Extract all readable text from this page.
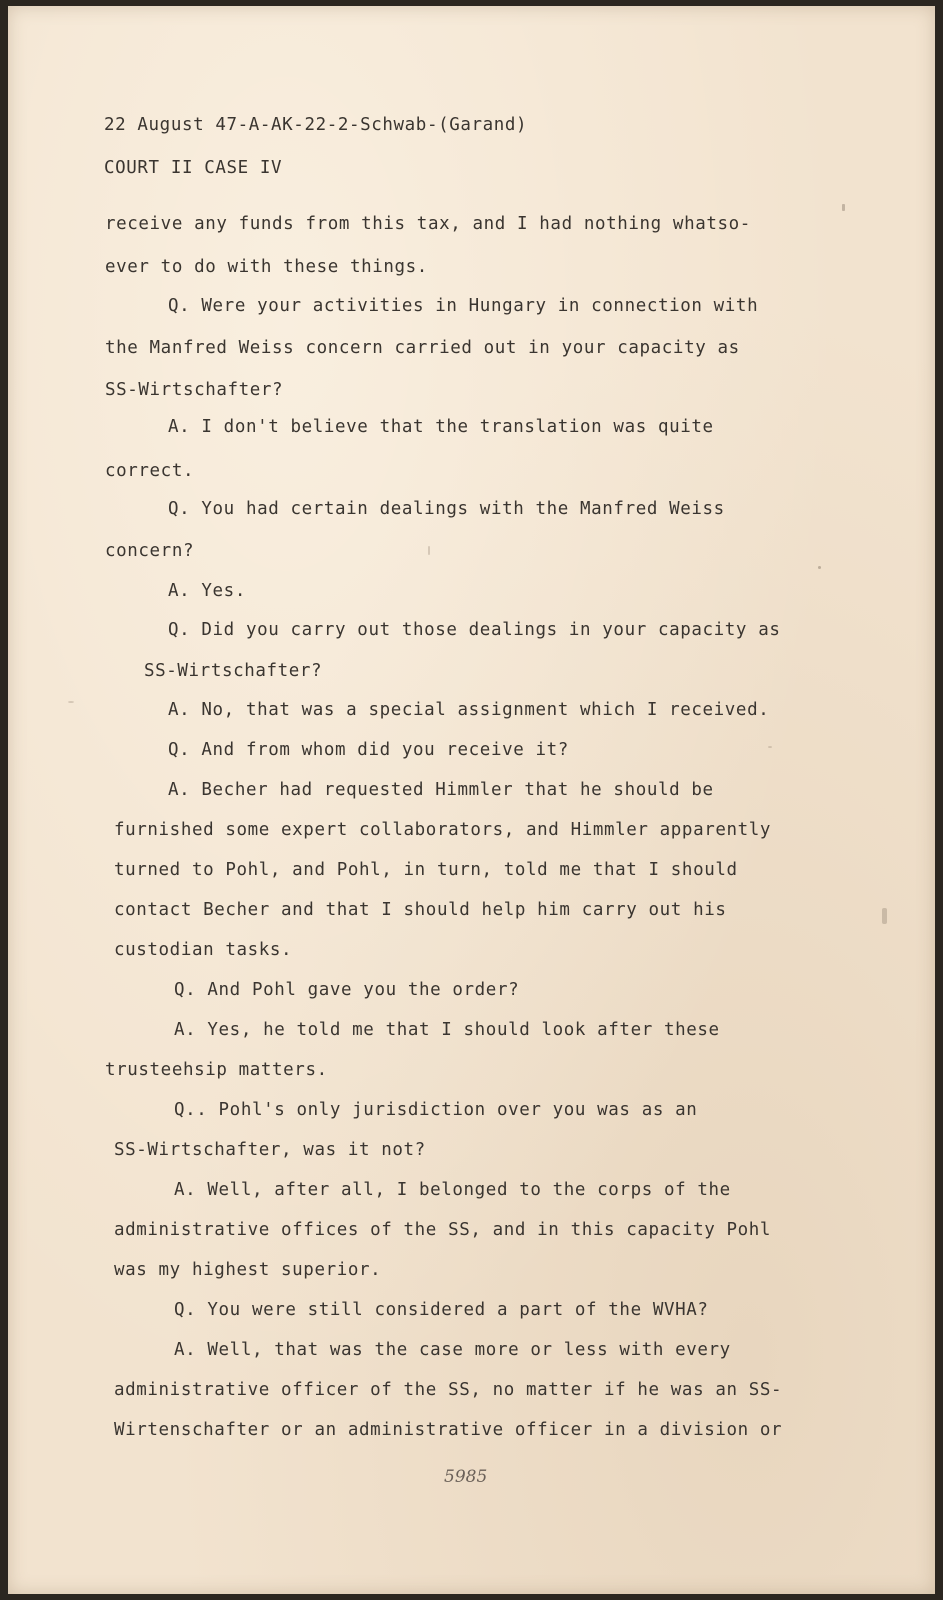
22 August 47-A-AK-22-2-Schwab-(Garand)
COURT II CASE IV
receive any funds from this tax, and I had nothing whatso-
ever to do with these things.
Q. Were your activities in Hungary in connection with
the Manfred Weiss concern carried out in your capacity as
SS-Wirtschafter?
A. I don't believe that the translation was quite
correct.
Q. You had certain dealings with the Manfred Weiss
concern?
A. Yes.
Q. Did you carry out those dealings in your capacity as
SS-Wirtschafter?
A. No, that was a special assignment which I received.
Q. And from whom did you receive it?
A. Becher had requested Himmler that he should be
furnished some expert collaborators, and Himmler apparently
turned to Pohl, and Pohl, in turn, told me that I should
contact Becher and that I should help him carry out his
custodian tasks.
Q. And Pohl gave you the order?
A. Yes, he told me that I should look after these
trusteehsip matters.
Q.. Pohl's only jurisdiction over you was as an
SS-Wirtschafter, was it not?
A. Well, after all, I belonged to the corps of the
administrative offices of the SS, and in this capacity Pohl
was my highest superior.
Q. You were still considered a part of the WVHA?
A. Well, that was the case more or less with every
administrative officer of the SS, no matter if he was an SS-
Wirtenschafter or an administrative officer in a division or
5985
